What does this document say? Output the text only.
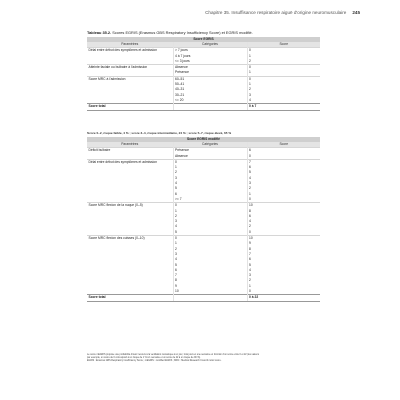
Chapitre 35. Insuffisance respiratoire aiguë d'origine neuromusculaire 245
Tableau 35.2. Scores EGRIS (Erasmus GBS Respiratory Insufficiency Score) et EGRIS modifié.
Score EGRIS		
Paramètres	Catégories	Score
Délai entre début des symptômes et admission	> 7 jours	0
	4 à 7 jours	1
	<= 3 jours	2
Atteinte faciale ou bulbaire à l'admission	Absence	0
	Présence	1
Score MRC à l'admission	60–51	0
	50–41	1
	40–31	2
	30–21	3
	<= 20	4
Score total		0 à 7
Score 0–2, risque faible, 4 % ; score 3–4, risque intermédiaire, 24 % ; score 5–7, risque élevé, 65 %
Score EGRIS modifié		
Paramètres	Catégories	Score
Déficit bulbaire	Présence	6
	Absence	0
Délai entre début des symptômes et admission	0	7
	1	6
	2	5
	3	4
	4	3
	5	2
	6	1
	>= 7	0
Score MRC flexion de la nuque (0–5)	0	10
	1	8
	2	6
	3	4
	4	2
	5	0
Score MRC flexion des cuisses (0–10)	0	10
	1	9
	2	8
	3	7
	4	6
	5	5
	6	4
	7	3
	8	2
	9	1
	10	0
Score total		0 à 22
Le score mEGRIS propose une probabilité d'avoir recours à la ventilation mécanique à un jour, trois jours et une semaine en fonction d'un score entre 0 et 22 (les valeurs
par exemple, un score de 0 correspond à un risque de 1 % à 1 semaine et un score de 22 à un risque de 90 %).
EGRIS : Erasmus GBS Respiratory Insufficiency Score ; mEGRIS : modified EGRIS ; MRC : Medical Research Council motor score.
